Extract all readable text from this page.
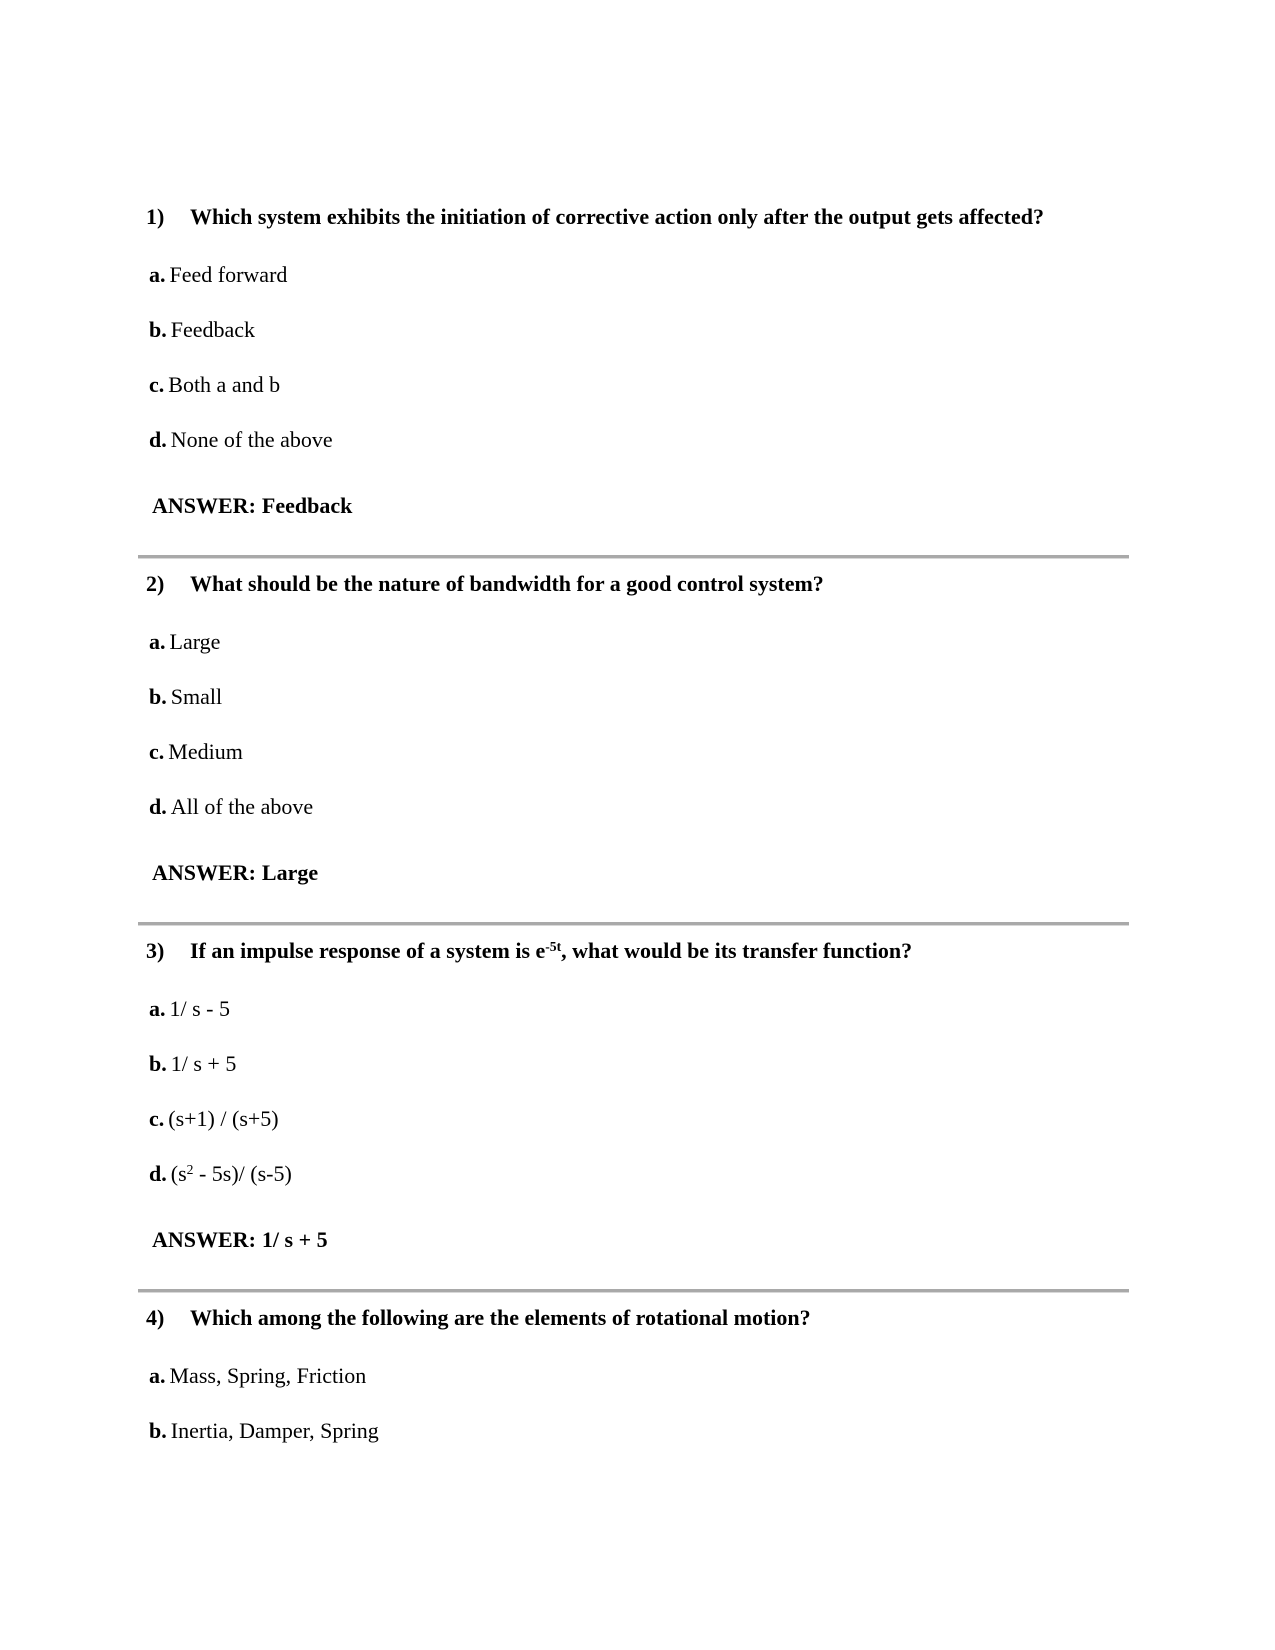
1) Which system exhibits the initiation of corrective action only after the output gets affected?

a. Feed forward

b. Feedback

c. Both a and b

d. None of the above

ANSWER: Feedback

2) What should be the nature of bandwidth for a good control system?

a. Large

b. Small

c. Medium

d. All of the above

ANSWER: Large

3) If an impulse response of a system is $e^{-5t}$, what would be its transfer function?

a. 1/ s - 5

b. 1/ s + 5

c. (s+1) / (s+5)

d. $(s^2 - 5s)/$ (s-5)

ANSWER: 1/ s + 5

4) Which among the following are the elements of rotational motion?

a. Mass, Spring, Friction

b. Inertia, Damper, Spring
